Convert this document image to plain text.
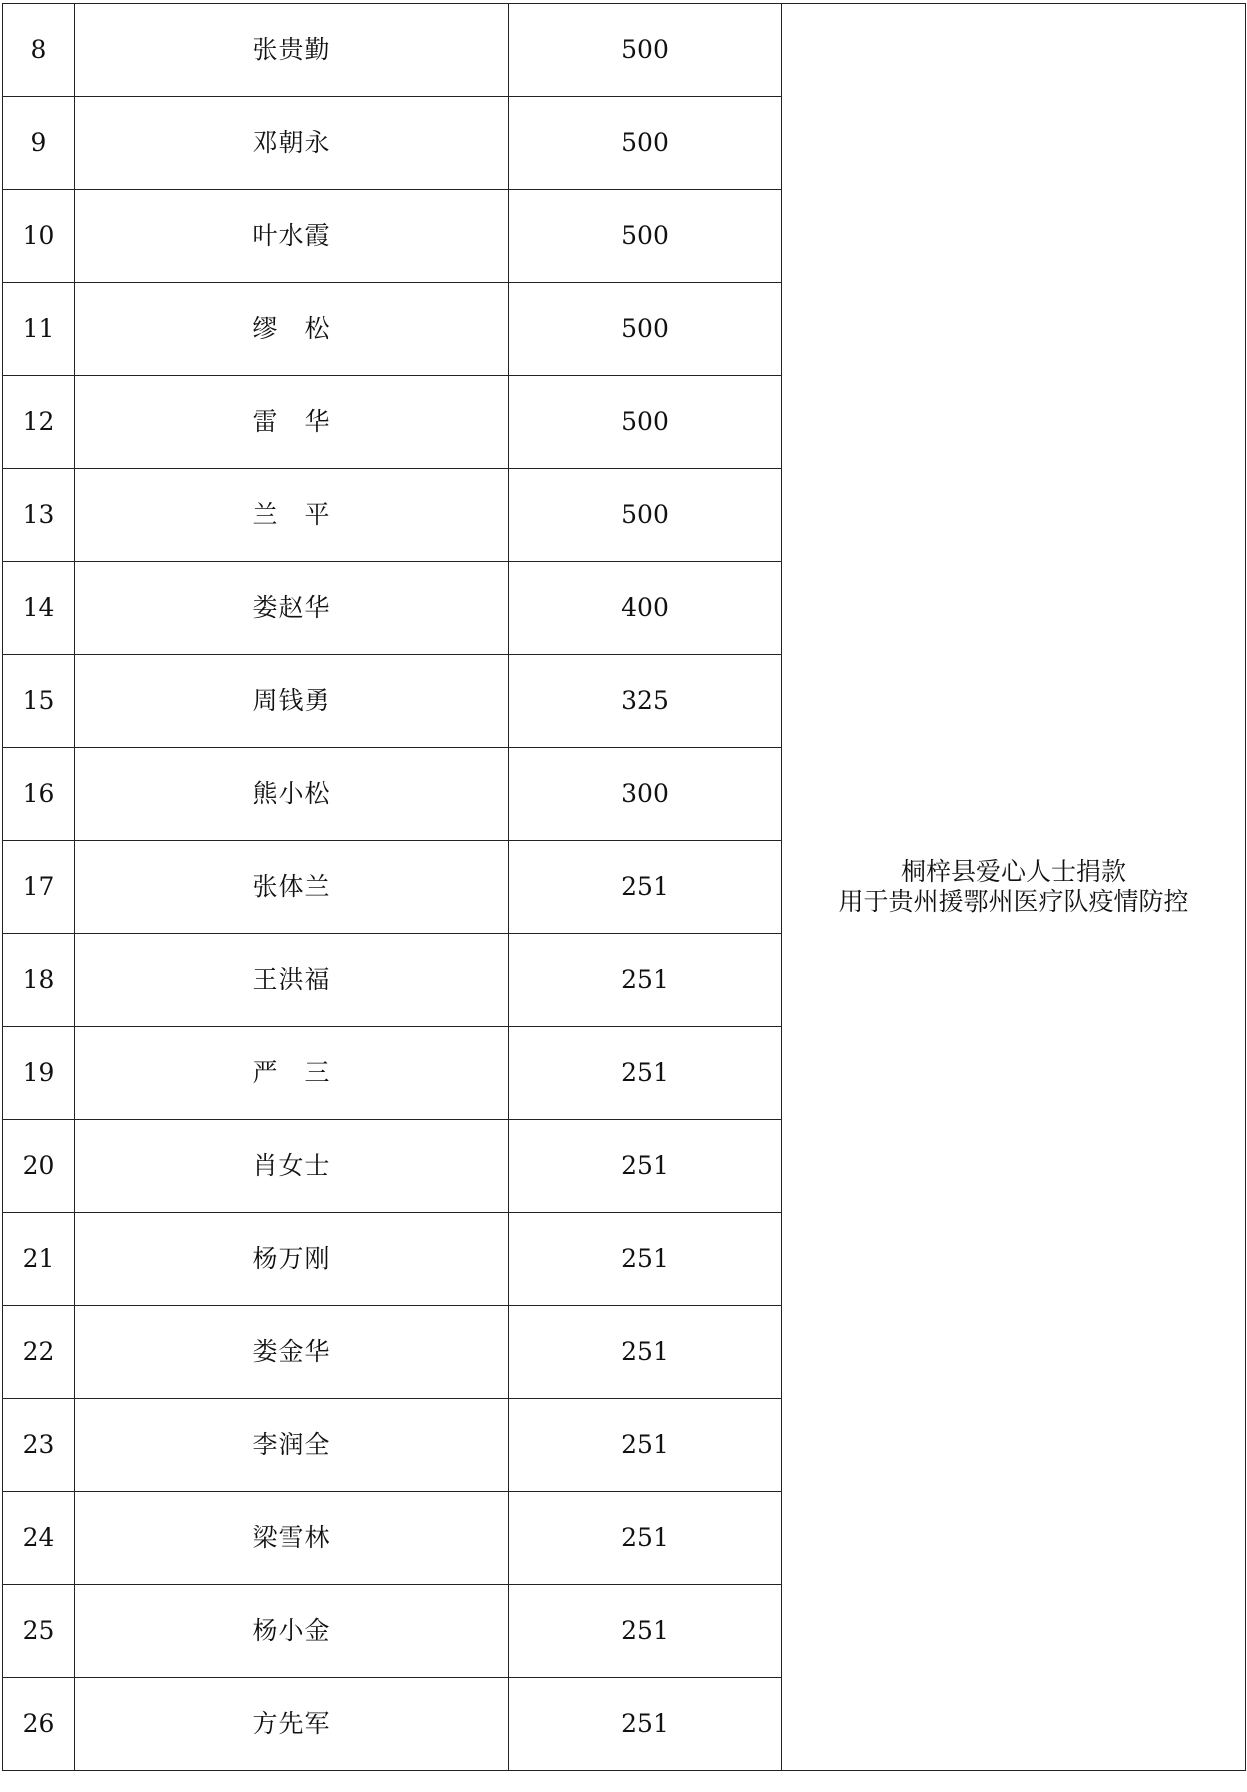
8	张贵勤	500	桐梓县爱心人士捐款
用于贵州援鄂州医疗队疫情防控

9	邓朝永	500	
10	叶水霞	500	
11	缪　松	500	
12	雷　华	500	
13	兰　平	500	
14	娄赵华	400	
15	周钱勇	325	
16	熊小松	300	
17	张体兰	251	
18	王洪福	251	
19	严　三	251	
20	肖女士	251	
21	杨万刚	251	
22	娄金华	251	
23	李润全	251	
24	梁雪林	251	
25	杨小金	251	
26	方先军	251	
